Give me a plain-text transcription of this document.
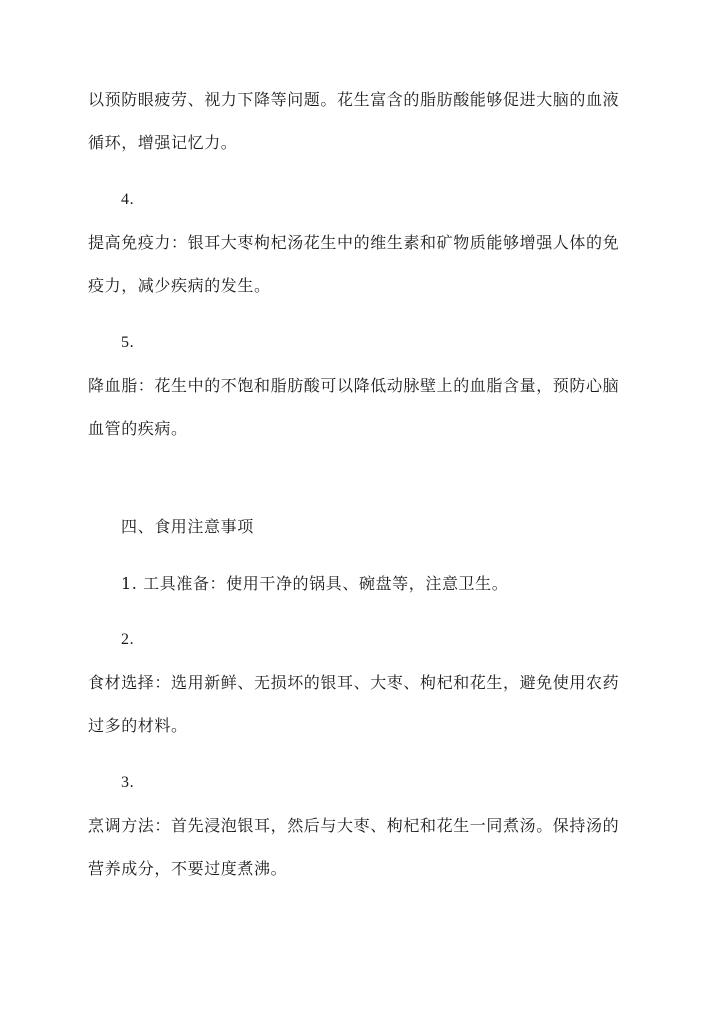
以预防眼疲劳、视力下降等问题。花生富含的脂肪酸能够促进大脑的血液
循环，增强记忆力。
4.
提高免疫力：银耳大枣枸杞汤花生中的维生素和矿物质能够增强人体的免
疫力，减少疾病的发生。
5.
降血脂：花生中的不饱和脂肪酸可以降低动脉壁上的血脂含量，预防心脑
血管的疾病。
四、食用注意事项
1. 工具准备：使用干净的锅具、碗盘等，注意卫生。
2.
食材选择：选用新鲜、无损坏的银耳、大枣、枸杞和花生，避免使用农药
过多的材料。
3.
烹调方法：首先浸泡银耳，然后与大枣、枸杞和花生一同煮汤。保持汤的
营养成分，不要过度煮沸。
